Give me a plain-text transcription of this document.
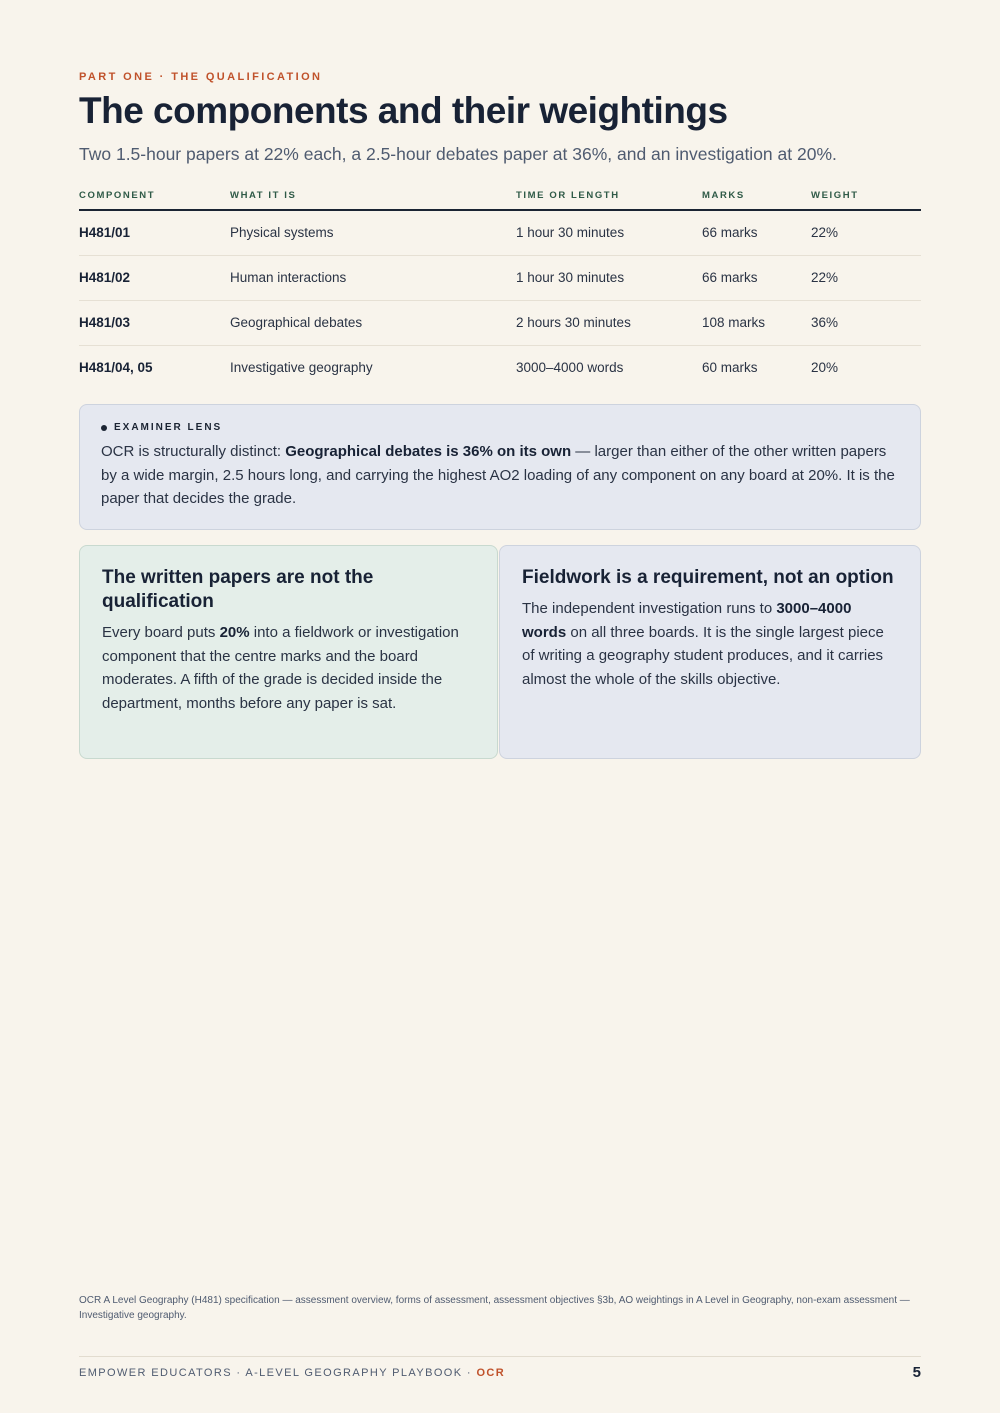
PART ONE · THE QUALIFICATION
The components and their weightings
Two 1.5-hour papers at 22% each, a 2.5-hour debates paper at 36%, and an investigation at 20%.
COMPONENT	WHAT IT IS	TIME OR LENGTH	MARKS	WEIGHT
H481/01	Physical systems	1 hour 30 minutes	66 marks	22%
H481/02	Human interactions	1 hour 30 minutes	66 marks	22%
H481/03	Geographical debates	2 hours 30 minutes	108 marks	36%
H481/04, 05	Investigative geography	3000–4000 words	60 marks	20%
EXAMINER LENS

OCR is structurally distinct: Geographical debates is 36% on its own — larger than either of the other written papers by a wide margin, 2.5 hours long, and carrying the highest AO2 loading of any component on any board at 20%. It is the paper that decides the grade.

The written papers are not the qualification

Every board puts 20% into a fieldwork or investigation component that the centre marks and the board moderates. A fifth of the grade is decided inside the department, months before any paper is sat.

Fieldwork is a requirement, not an option

The independent investigation runs to 3000–4000 words on all three boards. It is the single largest piece of writing a geography student produces, and it carries almost the whole of the skills objective.

OCR A Level Geography (H481) specification — assessment overview, forms of assessment, assessment objectives §3b, AO weightings in A Level in Geography, non-exam assessment — Investigative geography.
EMPOWER EDUCATORS · A-LEVEL GEOGRAPHY PLAYBOOK · OCR	5
